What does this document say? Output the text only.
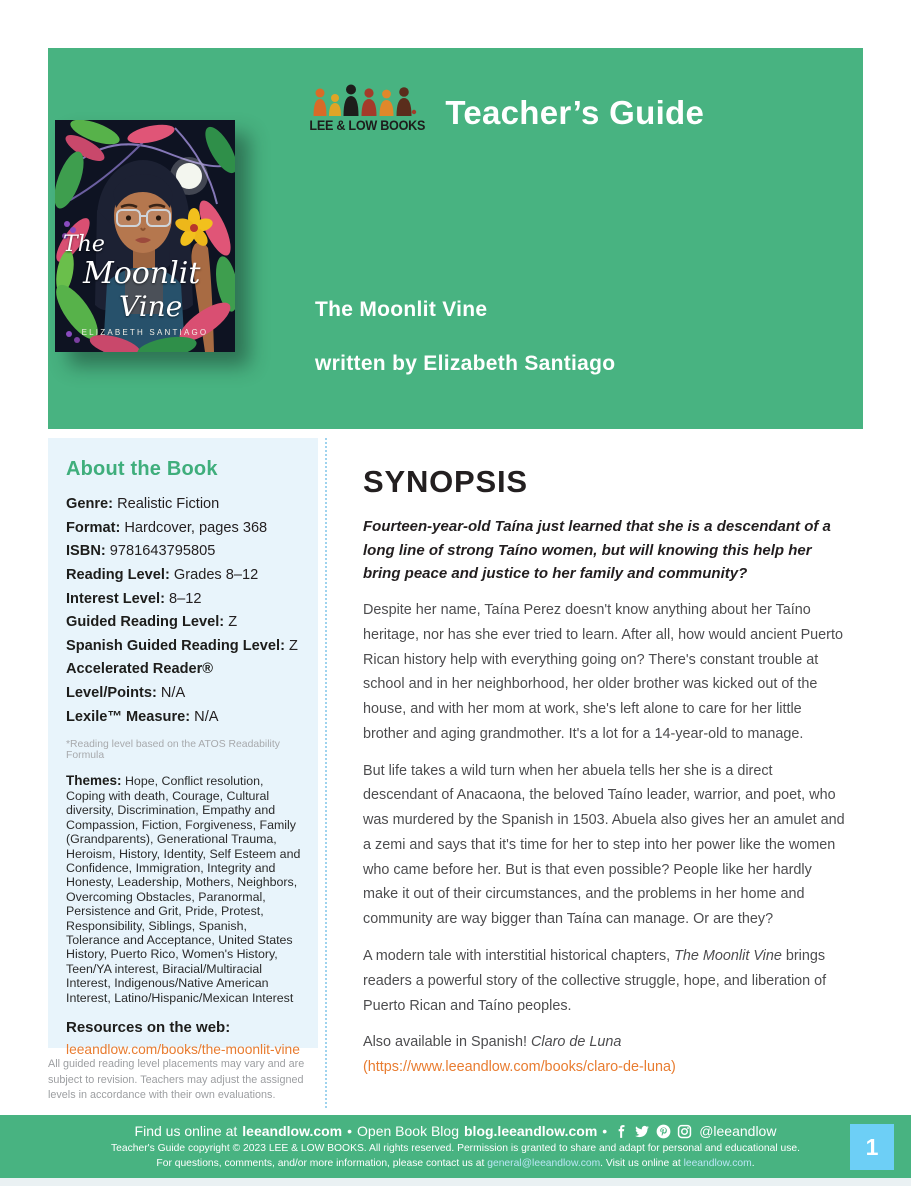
LEE & LOW BOOKS Teacher’s Guide
The Moonlit Vine
written by Elizabeth Santiago
The
Moonlit
Vine
ELIZABETH SANTIAGO
About the Book
Genre: Realistic Fiction
Format: Hardcover, pages 368
ISBN: 9781643795805
Reading Level: Grades 8–12
Interest Level: 8–12
Guided Reading Level: Z
Spanish Guided Reading Level: Z
Accelerated Reader® Level/Points: N/A
Lexile™ Measure: N/A
*Reading level based on the ATOS Readability Formula
Themes: Hope, Conflict resolution, Coping with death, Courage, Cultural diversity, Discrimination, Empathy and Compassion, Fiction, Forgiveness, Family (Grandparents), Generational Trauma, Heroism, History, Identity, Self Esteem and Confidence, Immigration, Integrity and Honesty, Leadership, Mothers, Neighbors, Overcoming Obstacles, Paranormal, Persistence and Grit, Pride, Protest, Responsibility, Siblings, Spanish, Tolerance and Acceptance, United States History, Puerto Rico, Women's History, Teen/YA interest, Biracial/Multiracial Interest, Indigenous/Native American Interest, Latino/Hispanic/Mexican Interest
Resources on the web:
leeandlow.com/books/the-moonlit-vine
All guided reading level placements may vary and are subject to revision. Teachers may adjust the assigned levels in accordance with their own evaluations.
SYNOPSIS

Fourteen-year-old Taína just learned that she is a descendant of a long line of strong Taíno women, but will knowing this help her bring peace and justice to her family and community?

Despite her name, Taína Perez doesn't know anything about her Taíno heritage, nor has she ever tried to learn. After all, how would ancient Puerto Rican history help with everything going on? There's constant trouble at school and in her neighborhood, her older brother was kicked out of the house, and with her mom at work, she's left alone to care for her little brother and aging grandmother. It's a lot for a 14-year-old to manage.

But life takes a wild turn when her abuela tells her she is a direct descendant of Anacaona, the beloved Taíno leader, warrior, and poet, who was murdered by the Spanish in 1503. Abuela also gives her an amulet and a zemi and says that it's time for her to step into her power like the women who came before her. But is that even possible? People like her hardly make it out of their circumstances, and the problems in her home and community are way bigger than Taína can manage. Or are they?

A modern tale with interstitial historical chapters, The Moonlit Vine brings readers a powerful story of the collective struggle, hope, and liberation of Puerto Rican and Taíno peoples.

Also available in Spanish! Claro de Luna (https://www.leeandlow.com/books/claro-de-luna)

Find us online at leeandlow.com • Open Book Blog blog.leeandlow.com •	@leeandlow
Teacher's Guide copyright © 2023 LEE & LOW BOOKS. All rights reserved. Permission is granted to share and adapt for personal and educational use.
For questions, comments, and/or more information, please contact us at general@leeandlow.com. Visit us online at leeandlow.com.
1
